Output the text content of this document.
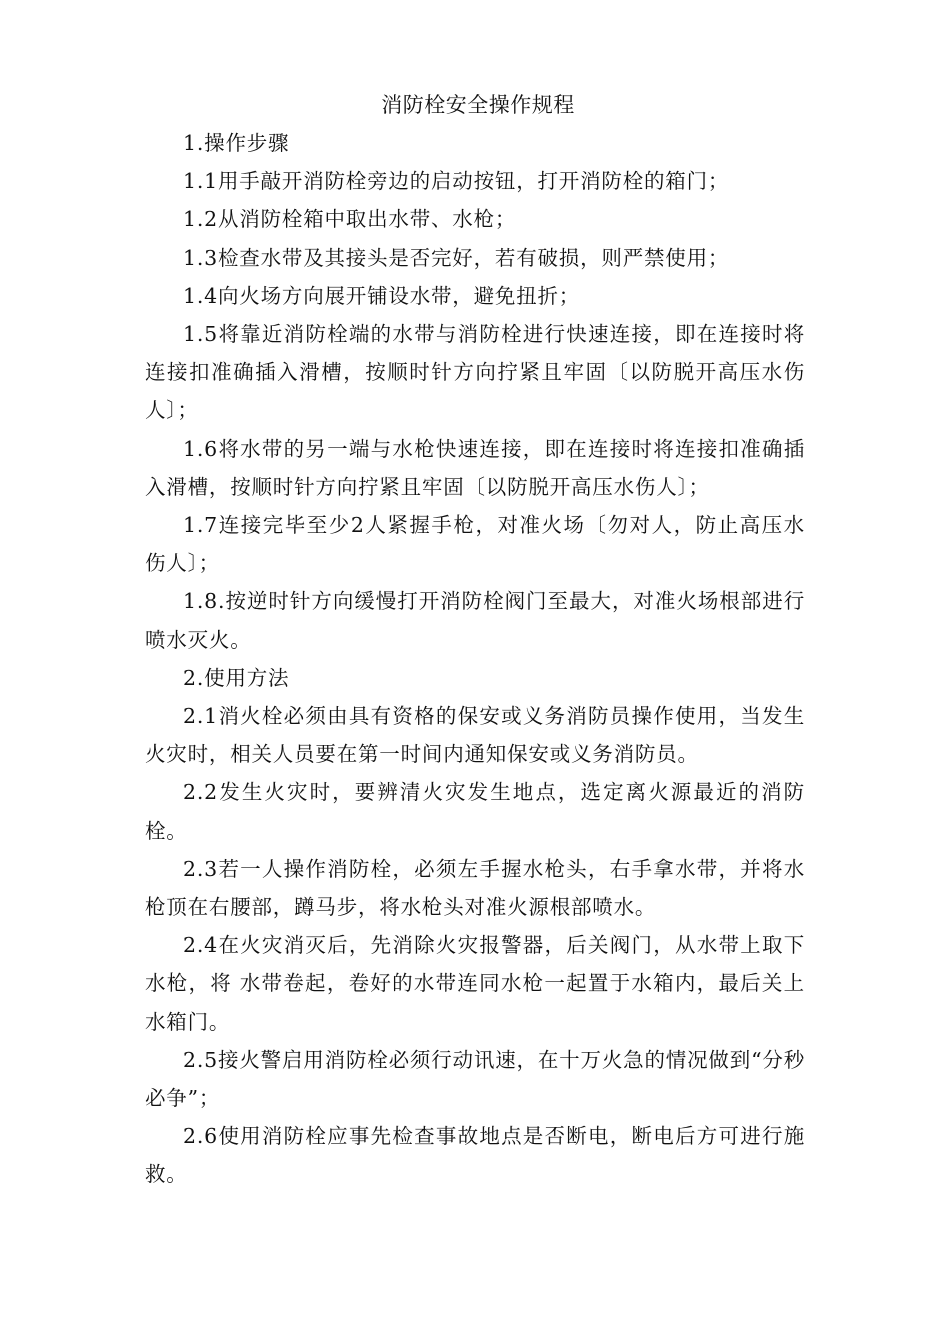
消防栓安全操作规程

1.操作步骤

1.1用手敲开消防栓旁边的启动按钮，打开消防栓的箱门；

1.2从消防栓箱中取出水带、水枪；

1.3检查水带及其接头是否完好，若有破损，则严禁使用；

1.4向火场方向展开铺设水带，避免扭折；

1.5将靠近消防栓端的水带与消防栓进行快速连接，即在连接时将连接扣准确插入滑槽，按顺时针方向拧紧且牢固〔以防脱开高压水伤人〕；

1.6将水带的另一端与水枪快速连接，即在连接时将连接扣准确插入滑槽，按顺时针方向拧紧且牢固〔以防脱开高压水伤人〕；

1.7连接完毕至少2人紧握手枪，对准火场〔勿对人，防止高压水伤人〕；

1.8.按逆时针方向缓慢打开消防栓阀门至最大，对准火场根部进行喷水灭火。

2.使用方法

2.1消火栓必须由具有资格的保安或义务消防员操作使用，当发生火灾时，相关人员要在第一时间内通知保安或义务消防员。

2.2发生火灾时，要辨清火灾发生地点，选定离火源最近的消防栓。

2.3若一人操作消防栓，必须左手握水枪头，右手拿水带，并将水枪顶在右腰部，蹲马步，将水枪头对准火源根部喷水。

2.4在火灾消灭后，先消除火灾报警器，后关阀门，从水带上取下水枪，将 水带卷起，卷好的水带连同水枪一起置于水箱内，最后关上水箱门。

2.5接火警启用消防栓必须行动讯速，在十万火急的情况做到“分秒必争”；

2.6使用消防栓应事先检查事故地点是否断电，断电后方可进行施救。
